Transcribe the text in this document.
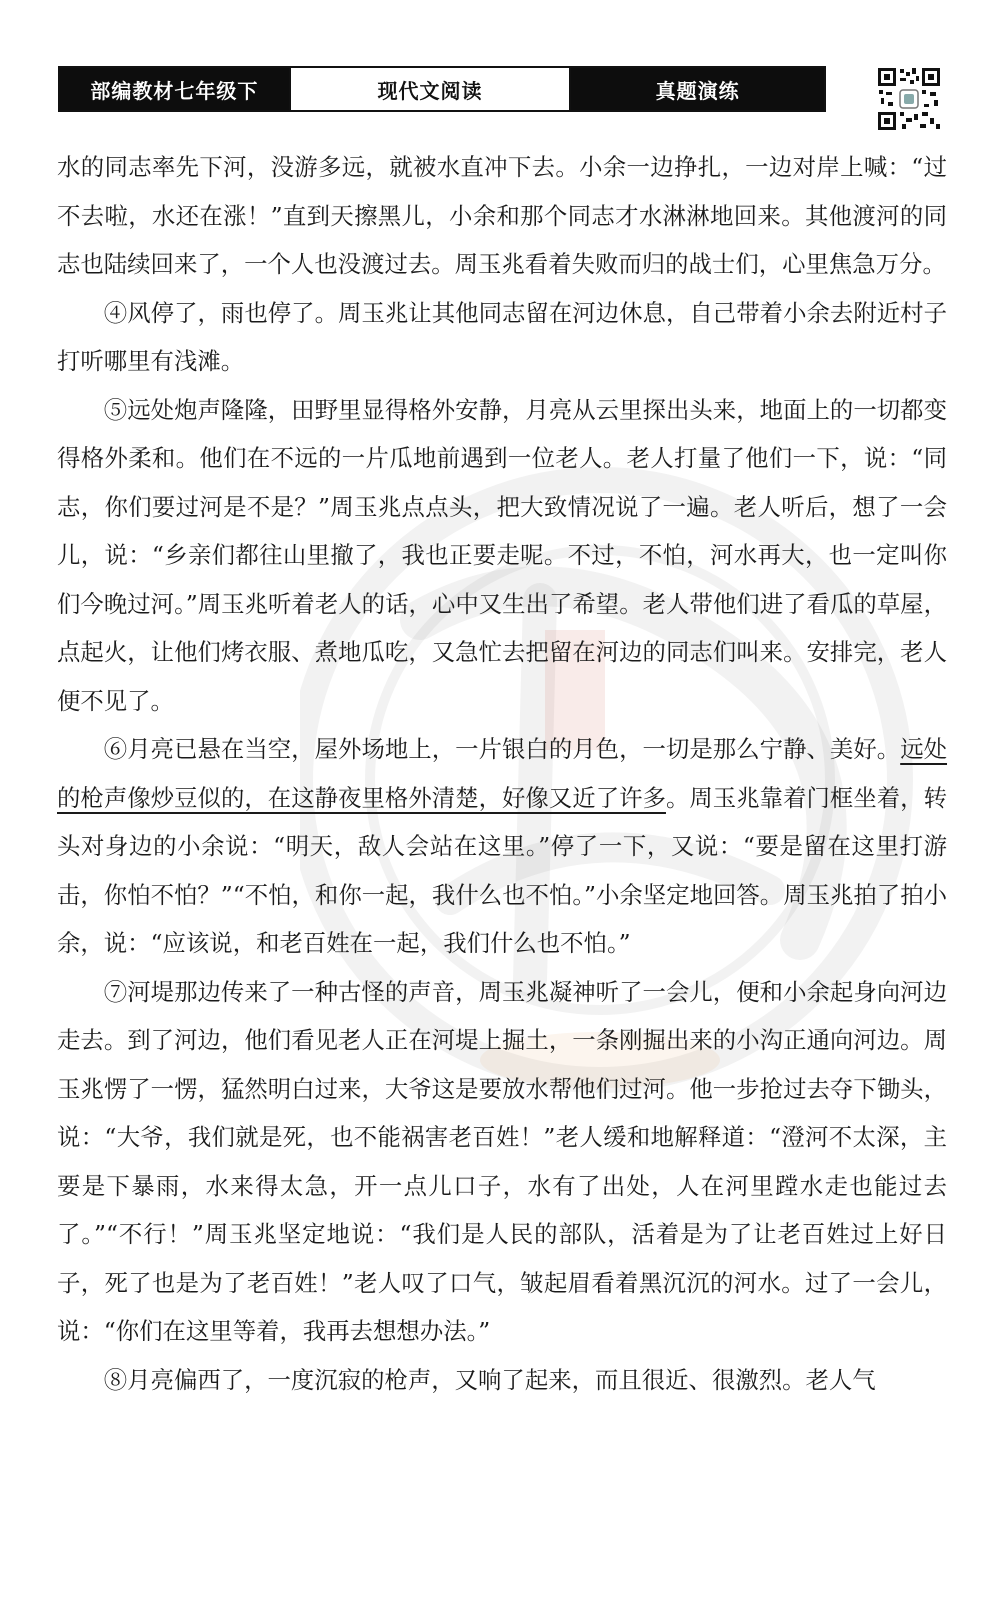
部编教材七年级下	现代文阅读	真题演练

水的同志率先下河，没游多远，就被水直冲下去。小余一边挣扎，一边对岸上喊：“过不去啦，水还在涨！”直到天擦黑儿，小余和那个同志才水淋淋地回来。其他渡河的同志也陆续回来了，一个人也没渡过去。周玉兆看着失败而归的战士们，心里焦急万分。

④风停了，雨也停了。周玉兆让其他同志留在河边休息，自己带着小余去附近村子打听哪里有浅滩。

⑤远处炮声隆隆，田野里显得格外安静，月亮从云里探出头来，地面上的一切都变得格外柔和。他们在不远的一片瓜地前遇到一位老人。老人打量了他们一下，说：“同志，你们要过河是不是？”周玉兆点点头，把大致情况说了一遍。老人听后，想了一会儿，说：“乡亲们都往山里撤了，我也正要走呢。不过，不怕，河水再大，也一定叫你们今晚过河。”周玉兆听着老人的话，心中又生出了希望。老人带他们进了看瓜的草屋，点起火，让他们烤衣服、煮地瓜吃，又急忙去把留在河边的同志们叫来。安排完，老人便不见了。

⑥月亮已悬在当空，屋外场地上，一片银白的月色，一切是那么宁静、美好。远处的枪声像炒豆似的，在这静夜里格外清楚，好像又近了许多。周玉兆靠着门框坐着，转头对身边的小余说：“明天，敌人会站在这里。”停了一下，又说：“要是留在这里打游击，你怕不怕？”“不怕，和你一起，我什么也不怕。”小余坚定地回答。周玉兆拍了拍小余，说：“应该说，和老百姓在一起，我们什么也不怕。”

⑦河堤那边传来了一种古怪的声音，周玉兆凝神听了一会儿，便和小余起身向河边走去。到了河边，他们看见老人正在河堤上掘土，一条刚掘出来的小沟正通向河边。周玉兆愣了一愣，猛然明白过来，大爷这是要放水帮他们过河。他一步抢过去夺下锄头，说：“大爷，我们就是死，也不能祸害老百姓！”老人缓和地解释道：“澄河不太深，主要是下暴雨，水来得太急，开一点儿口子，水有了出处，人在河里蹚水走也能过去了。”“不行！”周玉兆坚定地说：“我们是人民的部队，活着是为了让老百姓过上好日子，死了也是为了老百姓！”老人叹了口气，皱起眉看着黑沉沉的河水。过了一会儿，说：“你们在这里等着，我再去想想办法。”

⑧月亮偏西了，一度沉寂的枪声，又响了起来，而且很近、很激烈。老人气
